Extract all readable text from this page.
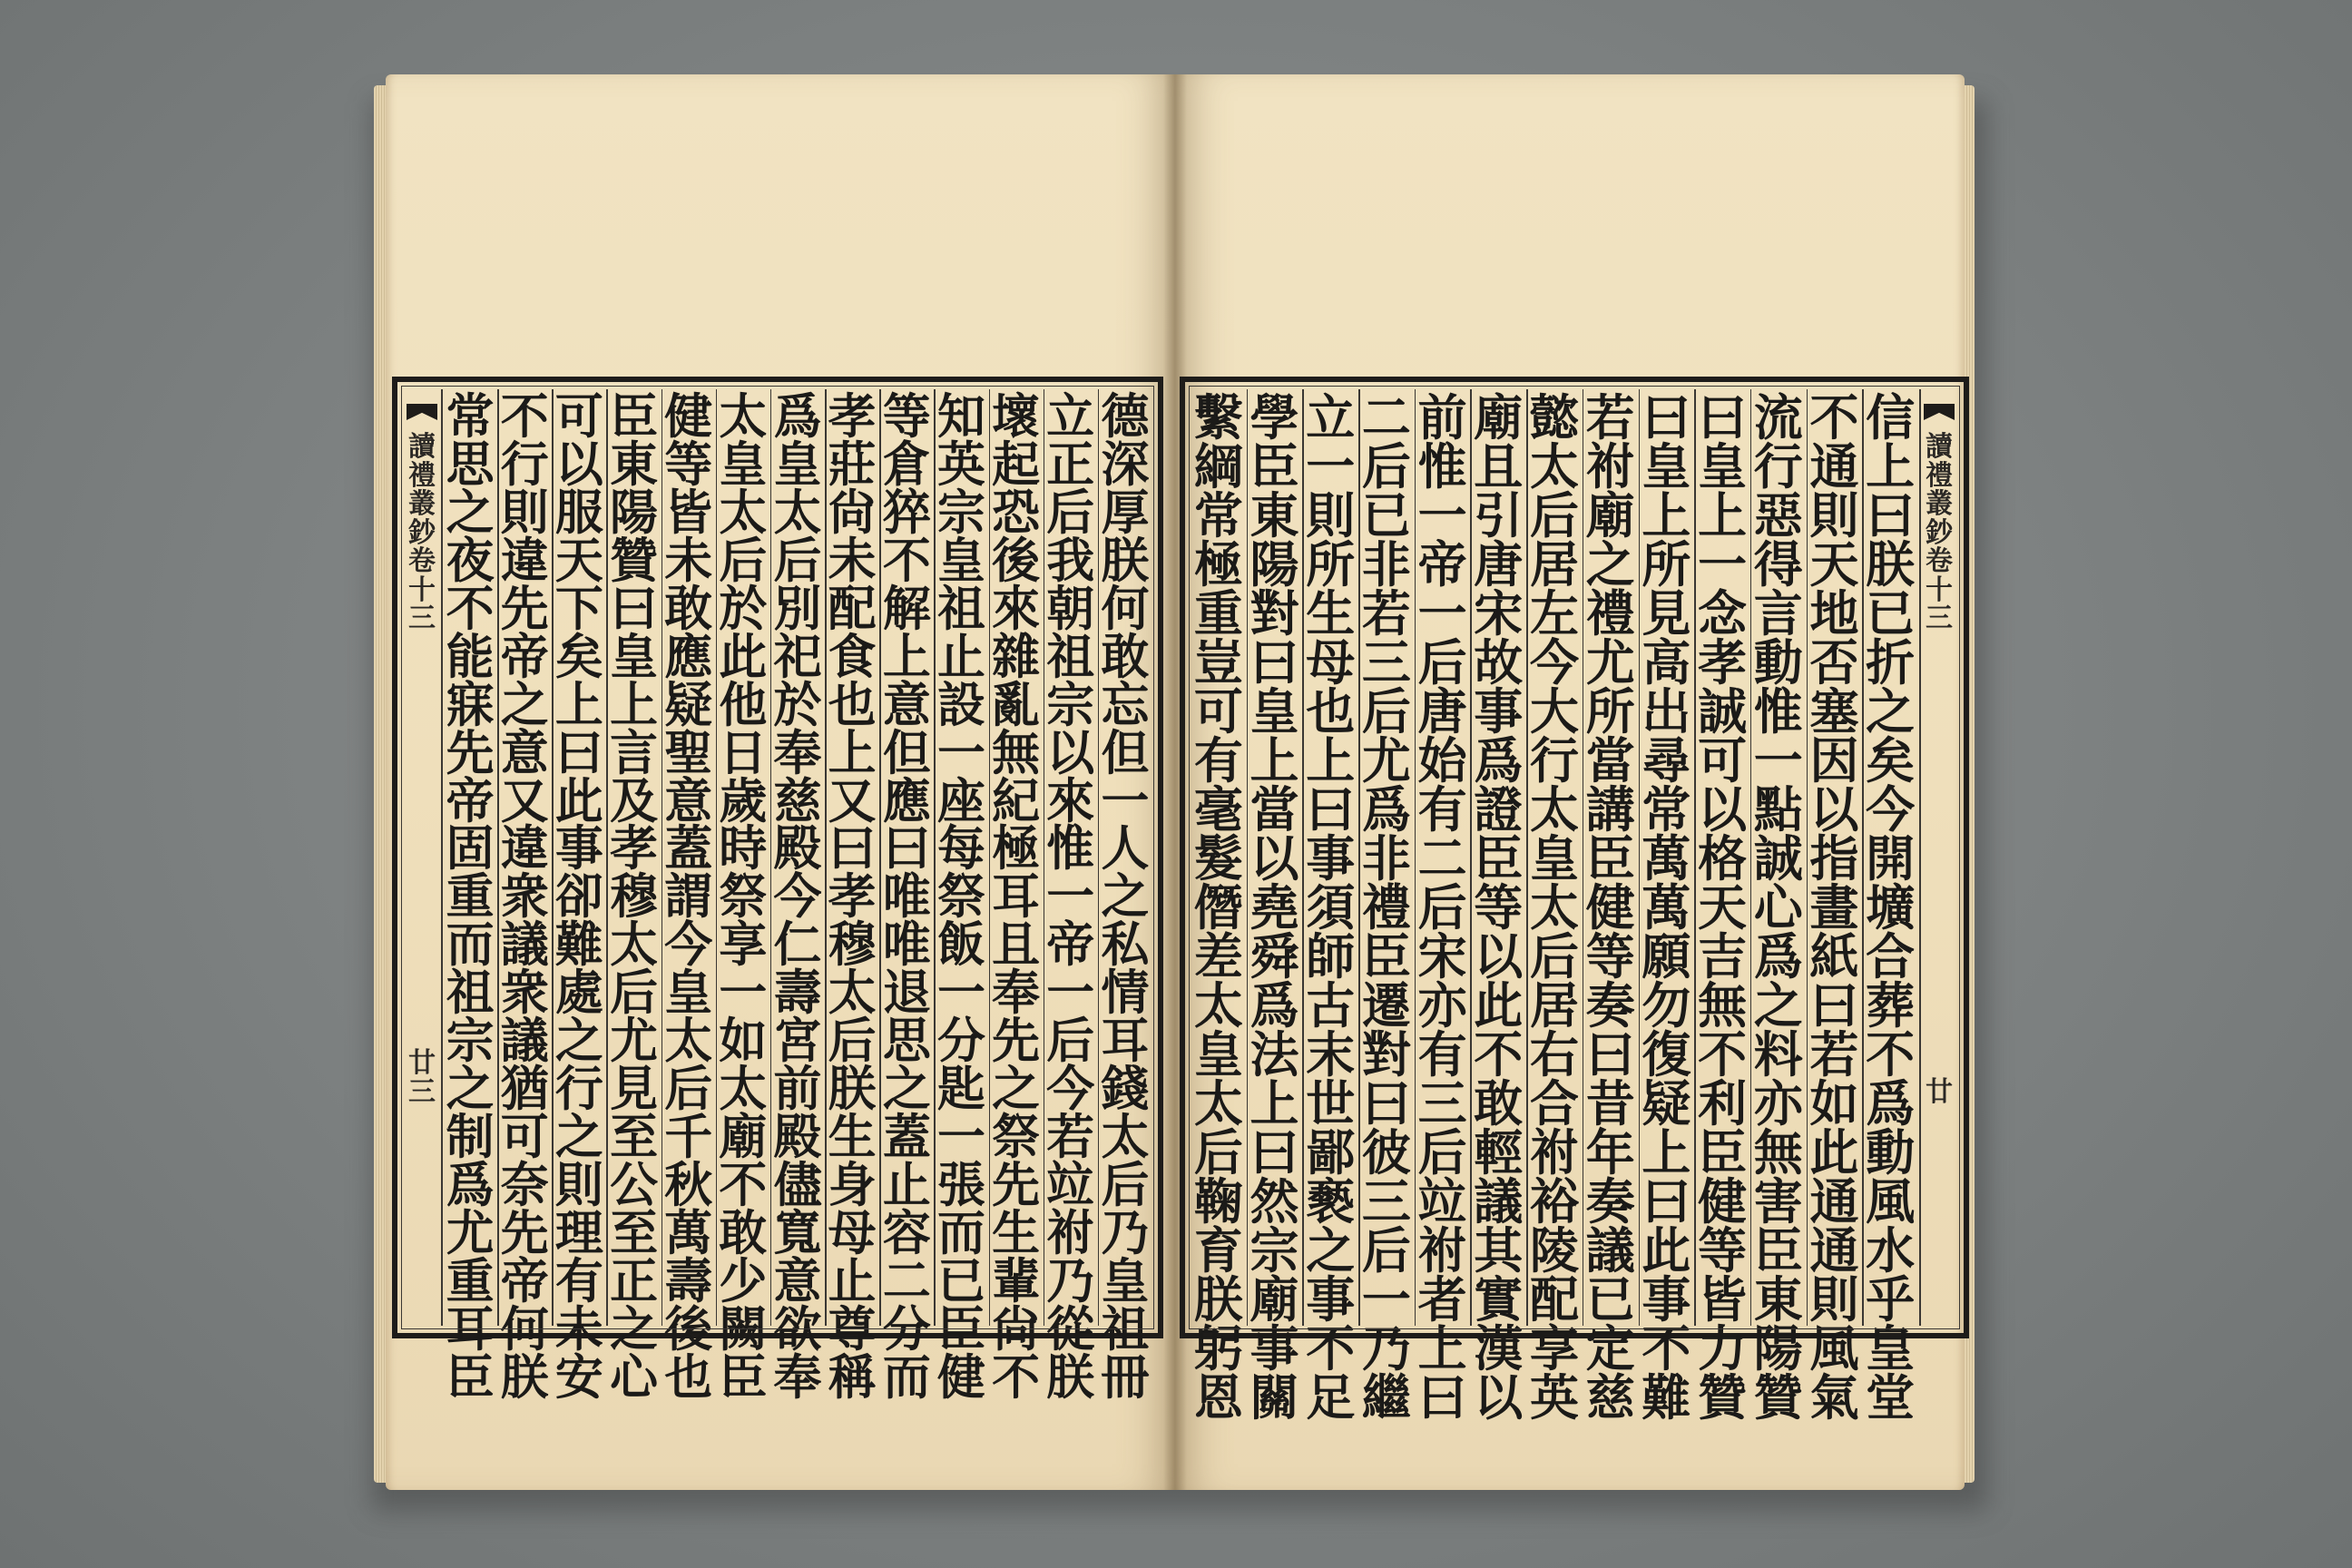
讀
禮
叢
鈔
卷
十
三
廿
三
德
深
厚
朕
何
敢
忘
但
一
人
之
私
情
耳
錢
太
后
乃
皇
祖
冊
立
正
后
我
朝
祖
宗
以
來
惟
一
帝
一
后
今
若
竝
祔
乃
從
朕
壞
起
恐
後
來
雜
亂
無
紀
極
耳
且
奉
先
之
祭
先
生
輩
尙
不
知
英
宗
皇
祖
止
設
一
座
每
祭
飯
一
分
匙
一
張
而
已
臣
健
等
倉
猝
不
解
上
意
但
應
曰
唯
唯
退
思
之
蓋
止
容
二
分
而
孝
莊
尙
未
配
食
也
上
又
曰
孝
穆
太
后
朕
生
身
母
止
尊
稱
爲
皇
太
后
別
祀
於
奉
慈
殿
今
仁
壽
宮
前
殿
儘
寬
意
欲
奉
太
皇
太
后
於
此
他
日
歲
時
祭
享
一
如
太
廟
不
敢
少
闕
臣
健
等
皆
未
敢
應
疑
聖
意
蓋
謂
今
皇
太
后
千
秋
萬
壽
後
也
臣
東
陽
贊
曰
皇
上
言
及
孝
穆
太
后
尤
見
至
公
至
正
之
心
可
以
服
天
下
矣
上
曰
此
事
卻
難
處
之
行
之
則
理
有
未
安
不
行
則
違
先
帝
之
意
又
違
衆
議
衆
議
猶
可
奈
先
帝
何
朕
常
思
之
夜
不
能
寐
先
帝
固
重
而
祖
宗
之
制
爲
尤
重
耳
臣
讀
禮
叢
鈔
卷
十
三
廿
信
上
曰
朕
已
折
之
矣
今
開
壙
合
葬
不
爲
動
風
水
乎
皇
堂
不
通
則
天
地
否
塞
因
以
指
畫
紙
曰
若
如
此
通
通
則
風
氣
流
行
惡
得
言
動
惟
一
點
誠
心
爲
之
料
亦
無
害
臣
東
陽
贊
曰
皇
上
一
念
孝
誠
可
以
格
天
吉
無
不
利
臣
健
等
皆
力
贊
曰
皇
上
所
見
高
出
尋
常
萬
萬
願
勿
復
疑
上
曰
此
事
不
難
若
祔
廟
之
禮
尤
所
當
講
臣
健
等
奏
曰
昔
年
奏
議
已
定
慈
懿
太
后
居
左
今
大
行
太
皇
太
后
居
右
合
祔
裕
陵
配
享
英
廟
且
引
唐
宋
故
事
爲
證
臣
等
以
此
不
敢
輕
議
其
實
漢
以
前
惟
一
帝
一
后
唐
始
有
二
后
宋
亦
有
三
后
竝
祔
者
上
曰
二
后
已
非
若
三
后
尤
爲
非
禮
臣
遷
對
曰
彼
三
后
一
乃
繼
立
一
則
所
生
母
也
上
曰
事
須
師
古
末
世
鄙
褻
之
事
不
足
學
臣
東
陽
對
曰
皇
上
當
以
堯
舜
爲
法
上
曰
然
宗
廟
事
關
繫
綱
常
極
重
豈
可
有
毫
髮
僭
差
太
皇
太
后
鞠
育
朕
躬
恩
